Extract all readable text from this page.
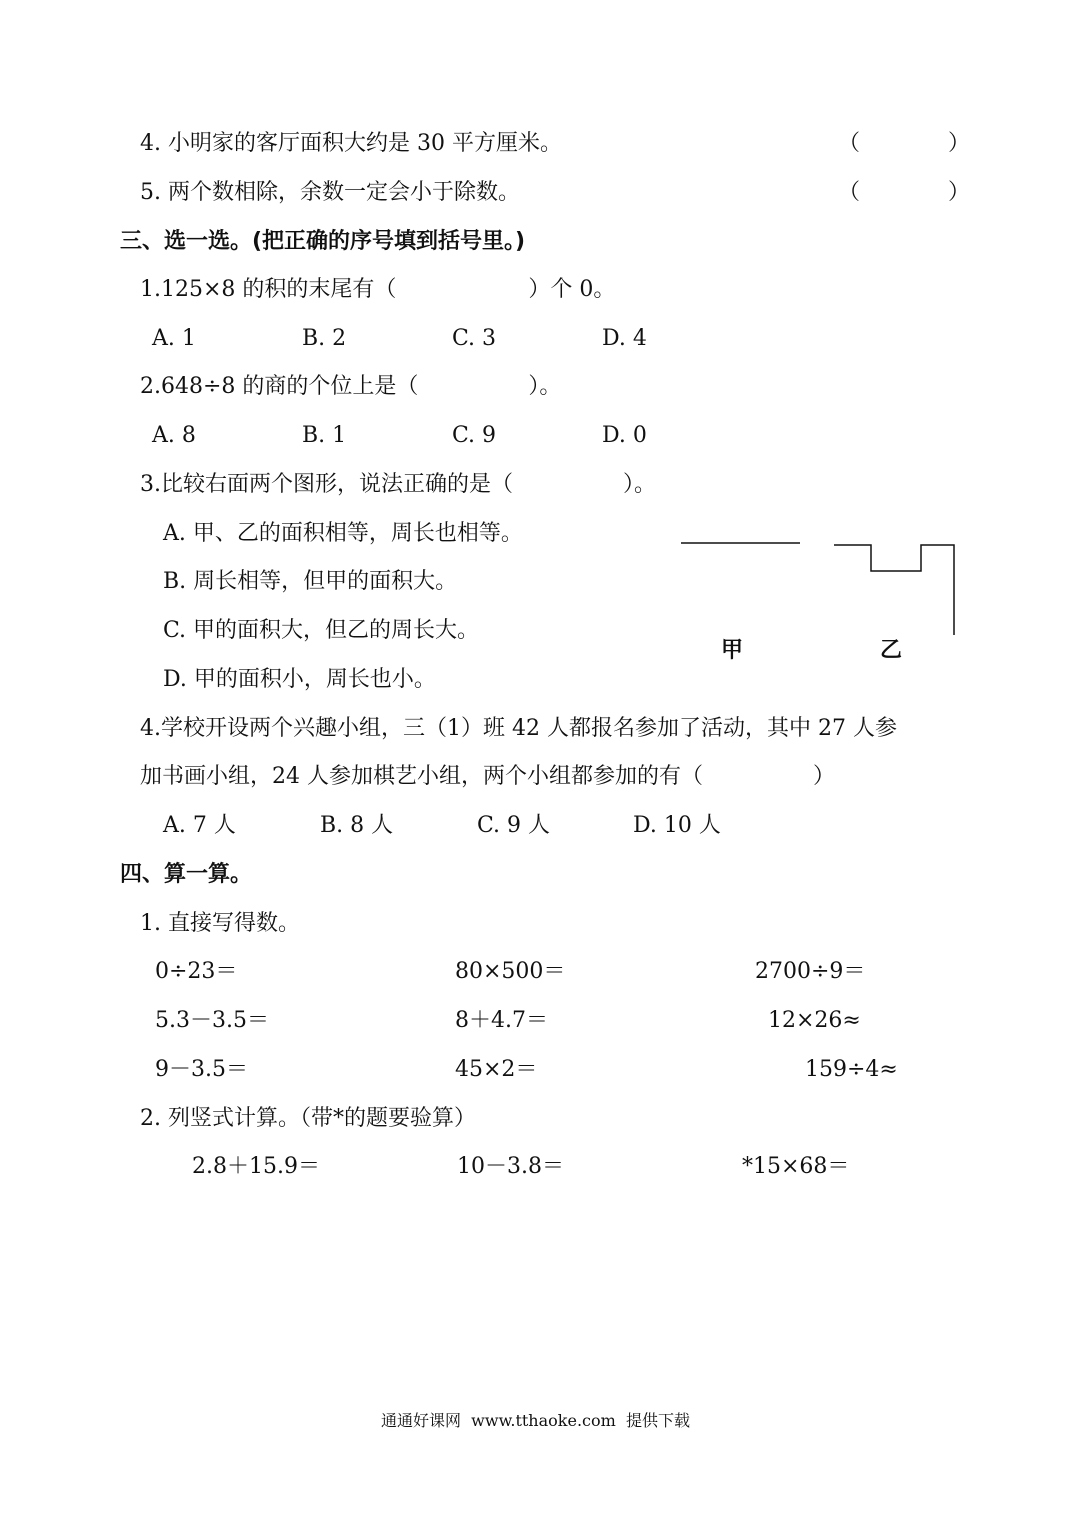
4. 小明家的客厅面积大约是 30 平方厘米。	（　　　　）
5. 两个数相除，余数一定会小于除数。	（　　　　）
三、选一选。(把正确的序号填到括号里。)
1.125×8 的积的末尾有（　　　　　　）个 0。
A. 1	B. 2	C. 3	D. 4
2.648÷8 的商的个位上是（　　　　　）。
A. 8	B. 1	C. 9	D. 0
3.比较右面两个图形，说法正确的是（　　　　　）。
A. 甲、乙的面积相等，周长也相等。
B. 周长相等，但甲的面积大。
C. 甲的面积大，但乙的周长大。
D. 甲的面积小，周长也小。
甲	乙
4.学校开设两个兴趣小组，三（1）班 42 人都报名参加了活动，其中 27 人参
加书画小组，24 人参加棋艺小组，两个小组都参加的有（　　　　　）
A. 7 人	B. 8 人	C. 9 人	D. 10 人
四、算一算。
1. 直接写得数。
0÷23＝	80×500＝	2700÷9＝
5.3－3.5＝	8＋4.7＝	12×26≈
9－3.5＝	45×2＝	159÷4≈
2. 列竖式计算。（带*的题要验算）
2.8＋15.9＝	10－3.8＝	*15×68＝
通通好课网  www.tthaoke.com  提供下载
